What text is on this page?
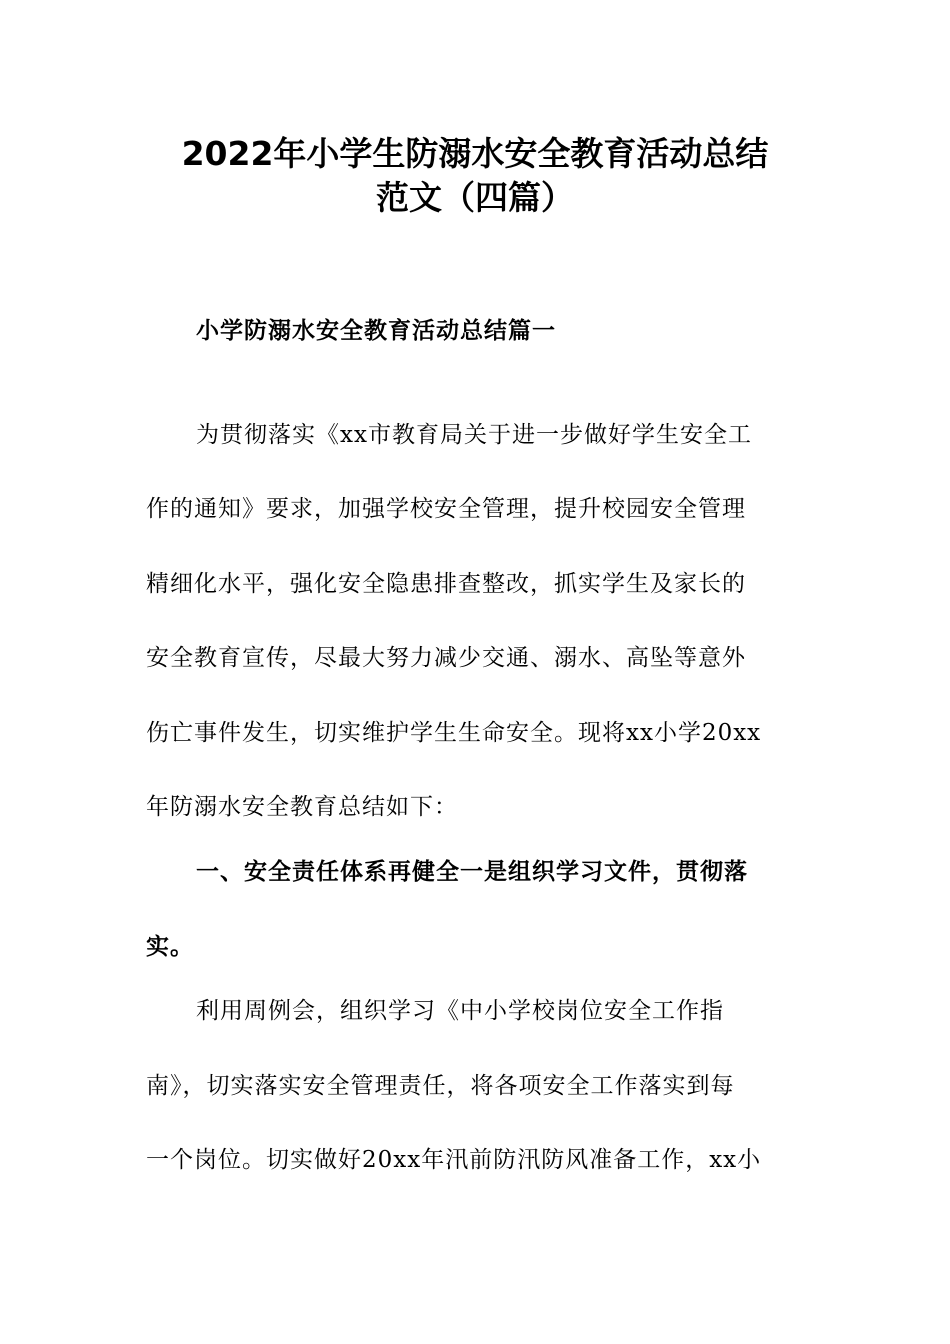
2022年小学生防溺水安全教育活动总结
范文（四篇）
小学防溺水安全教育活动总结篇一
为贯彻落实《xx市教育局关于进一步做好学生安全工
作的通知》要求，加强学校安全管理，提升校园安全管理
精细化水平，强化安全隐患排查整改，抓实学生及家长的
安全教育宣传，尽最大努力减少交通、溺水、高坠等意外
伤亡事件发生，切实维护学生生命安全。现将xx小学20xx
年防溺水安全教育总结如下：
一、安全责任体系再健全一是组织学习文件，贯彻落
实。
利用周例会，组织学习《中小学校岗位安全工作指
南》，切实落实安全管理责任，将各项安全工作落实到每
一个岗位。切实做好20xx年汛前防汛防风准备工作，xx小
